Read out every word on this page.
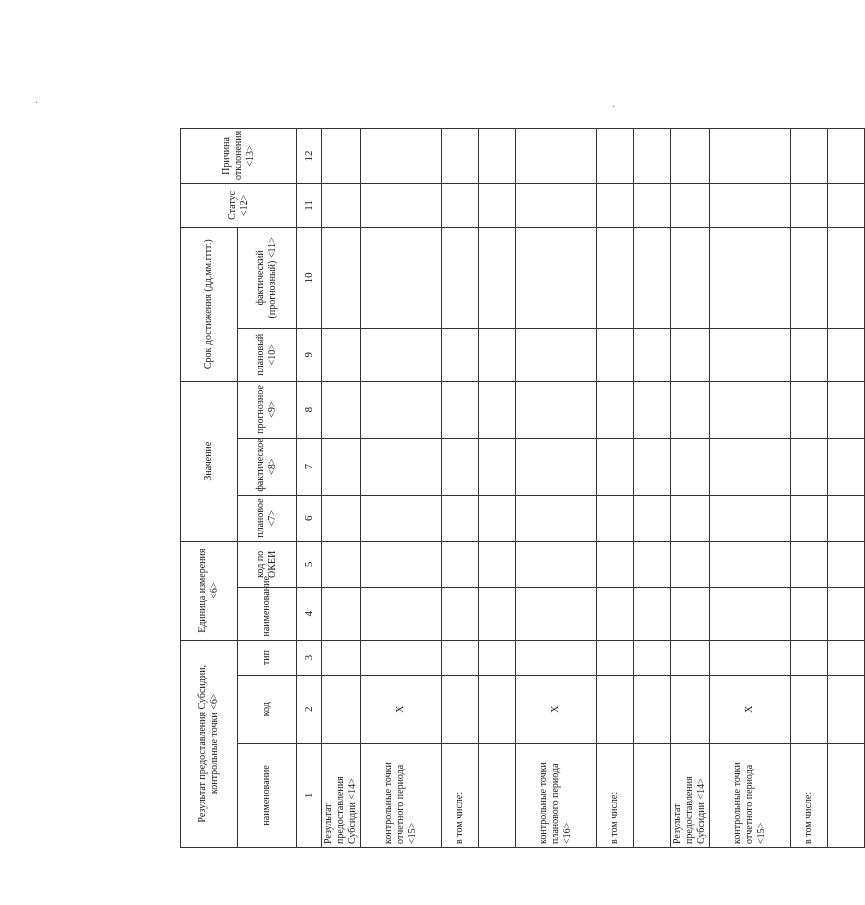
·	·
Результат предоставления Субсидии, контрольные точки <6>			Единица измерения <6>		Значение			Срок достижения (дд.мм.гггг.)		Статус <12>	Причина отклонения <13>
наименование	код	тип	наименование	код по ОКЕИ	плановое <7>	фактическое <8>	прогнозное <9>	плановый <10>	фактический (прогнозный) <11>		
1	2	3	4	5	6	7	8	9	10	11	12
Результат предоставления Субсидии <14>											
контрольные точки отчетного периода <15>	X										
в том числе:											

контрольные точки планового периода <16>	X										
в том числе:											

Результат предоставления Субсидии <14>											
контрольные точки отчетного периода <15>	X										
в том числе:											
